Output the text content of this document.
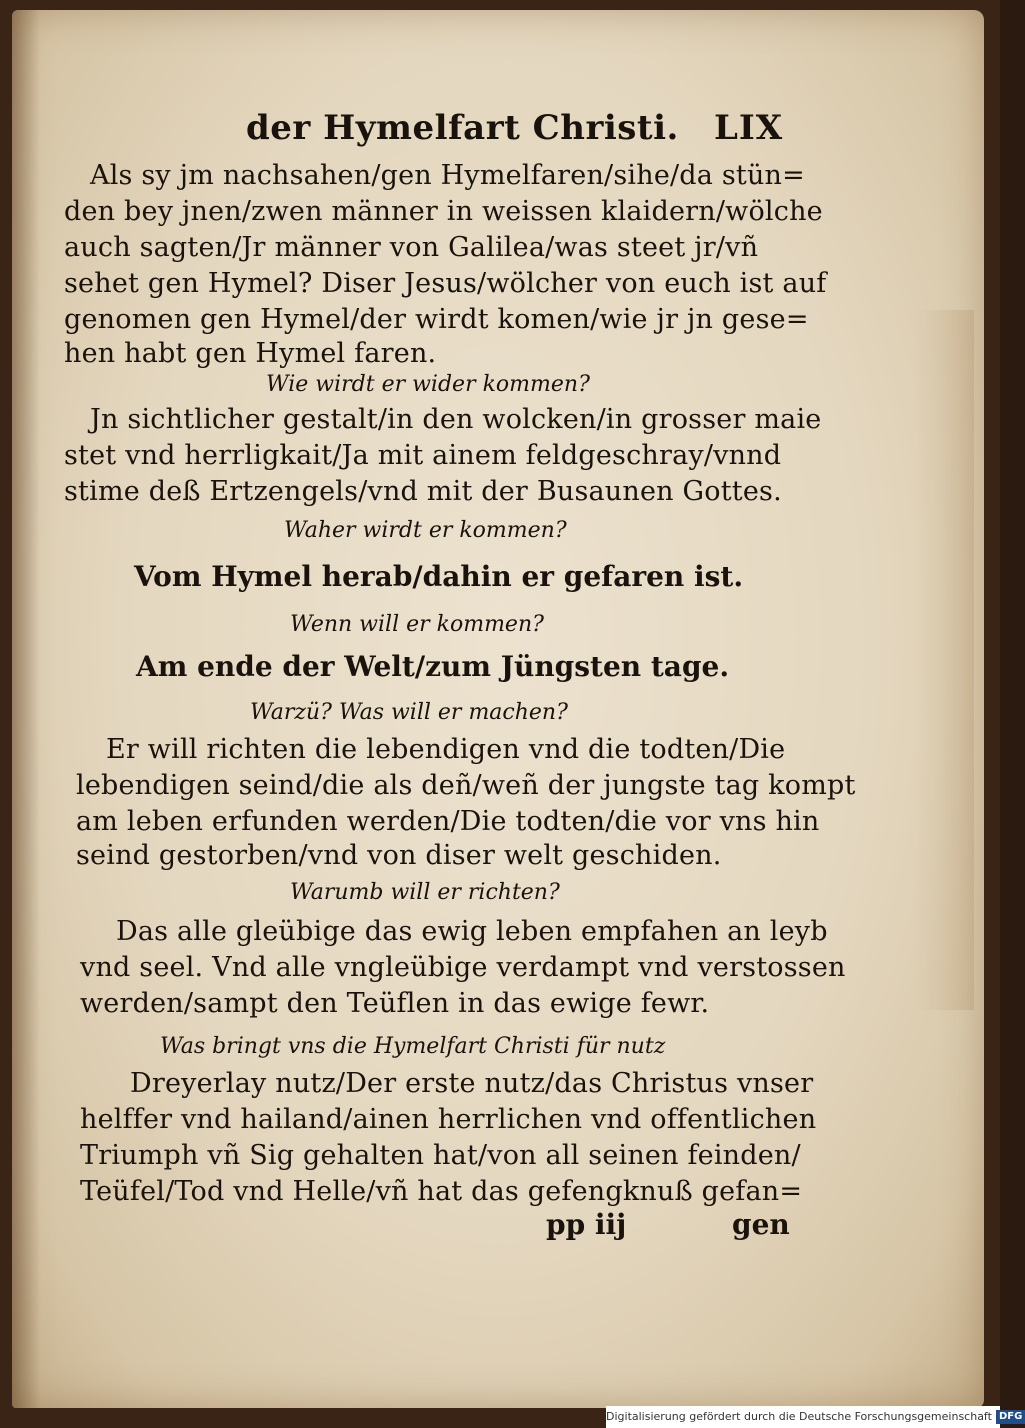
der Hymelfart Christi. LIX
Als sy jm nachsahen/gen Hymelfaren/sihe/da stün=
den bey jnen/zwen männer in weissen klaidern/wölche
auch sagten/Jr männer von Galilea/was steet jr/vñ
sehet gen Hymel? Diser Jesus/wölcher von euch ist auf
genomen gen Hymel/der wirdt komen/wie jr jn gese=
hen habt gen Hymel faren.
Wie wirdt er wider kommen?
Jn sichtlicher gestalt/in den wolcken/in grosser maie
stet vnd herrligkait/Ja mit ainem feldgeschray/vnnd
stime deß Ertzengels/vnd mit der Busaunen Gottes.
Waher wirdt er kommen?
Vom Hymel herab/dahin er gefaren ist.
Wenn will er kommen?
Am ende der Welt/zum Jüngsten tage.
Warzü? Was will er machen?
Er will richten die lebendigen vnd die todten/Die
lebendigen seind/die als deñ/weñ der jungste tag kompt
am leben erfunden werden/Die todten/die vor vns hin
seind gestorben/vnd von diser welt geschiden.
Warumb will er richten?
Das alle gleübige das ewig leben empfahen an leyb
vnd seel. Vnd alle vngleübige verdampt vnd verstossen
werden/sampt den Teüflen in das ewige fewr.
Was bringt vns die Hymelfart Christi für nutz
Dreyerlay nutz/Der erste nutz/das Christus vnser
helffer vnd hailand/ainen herrlichen vnd offentlichen
Triumph vñ Sig gehalten hat/von all seinen feinden/
Teüfel/Tod vnd Helle/vñ hat das gefengknuß gefan=
pp iij	gen
Digitalisierung gefördert durch die Deutsche Forschungsgemeinschaft DFG
